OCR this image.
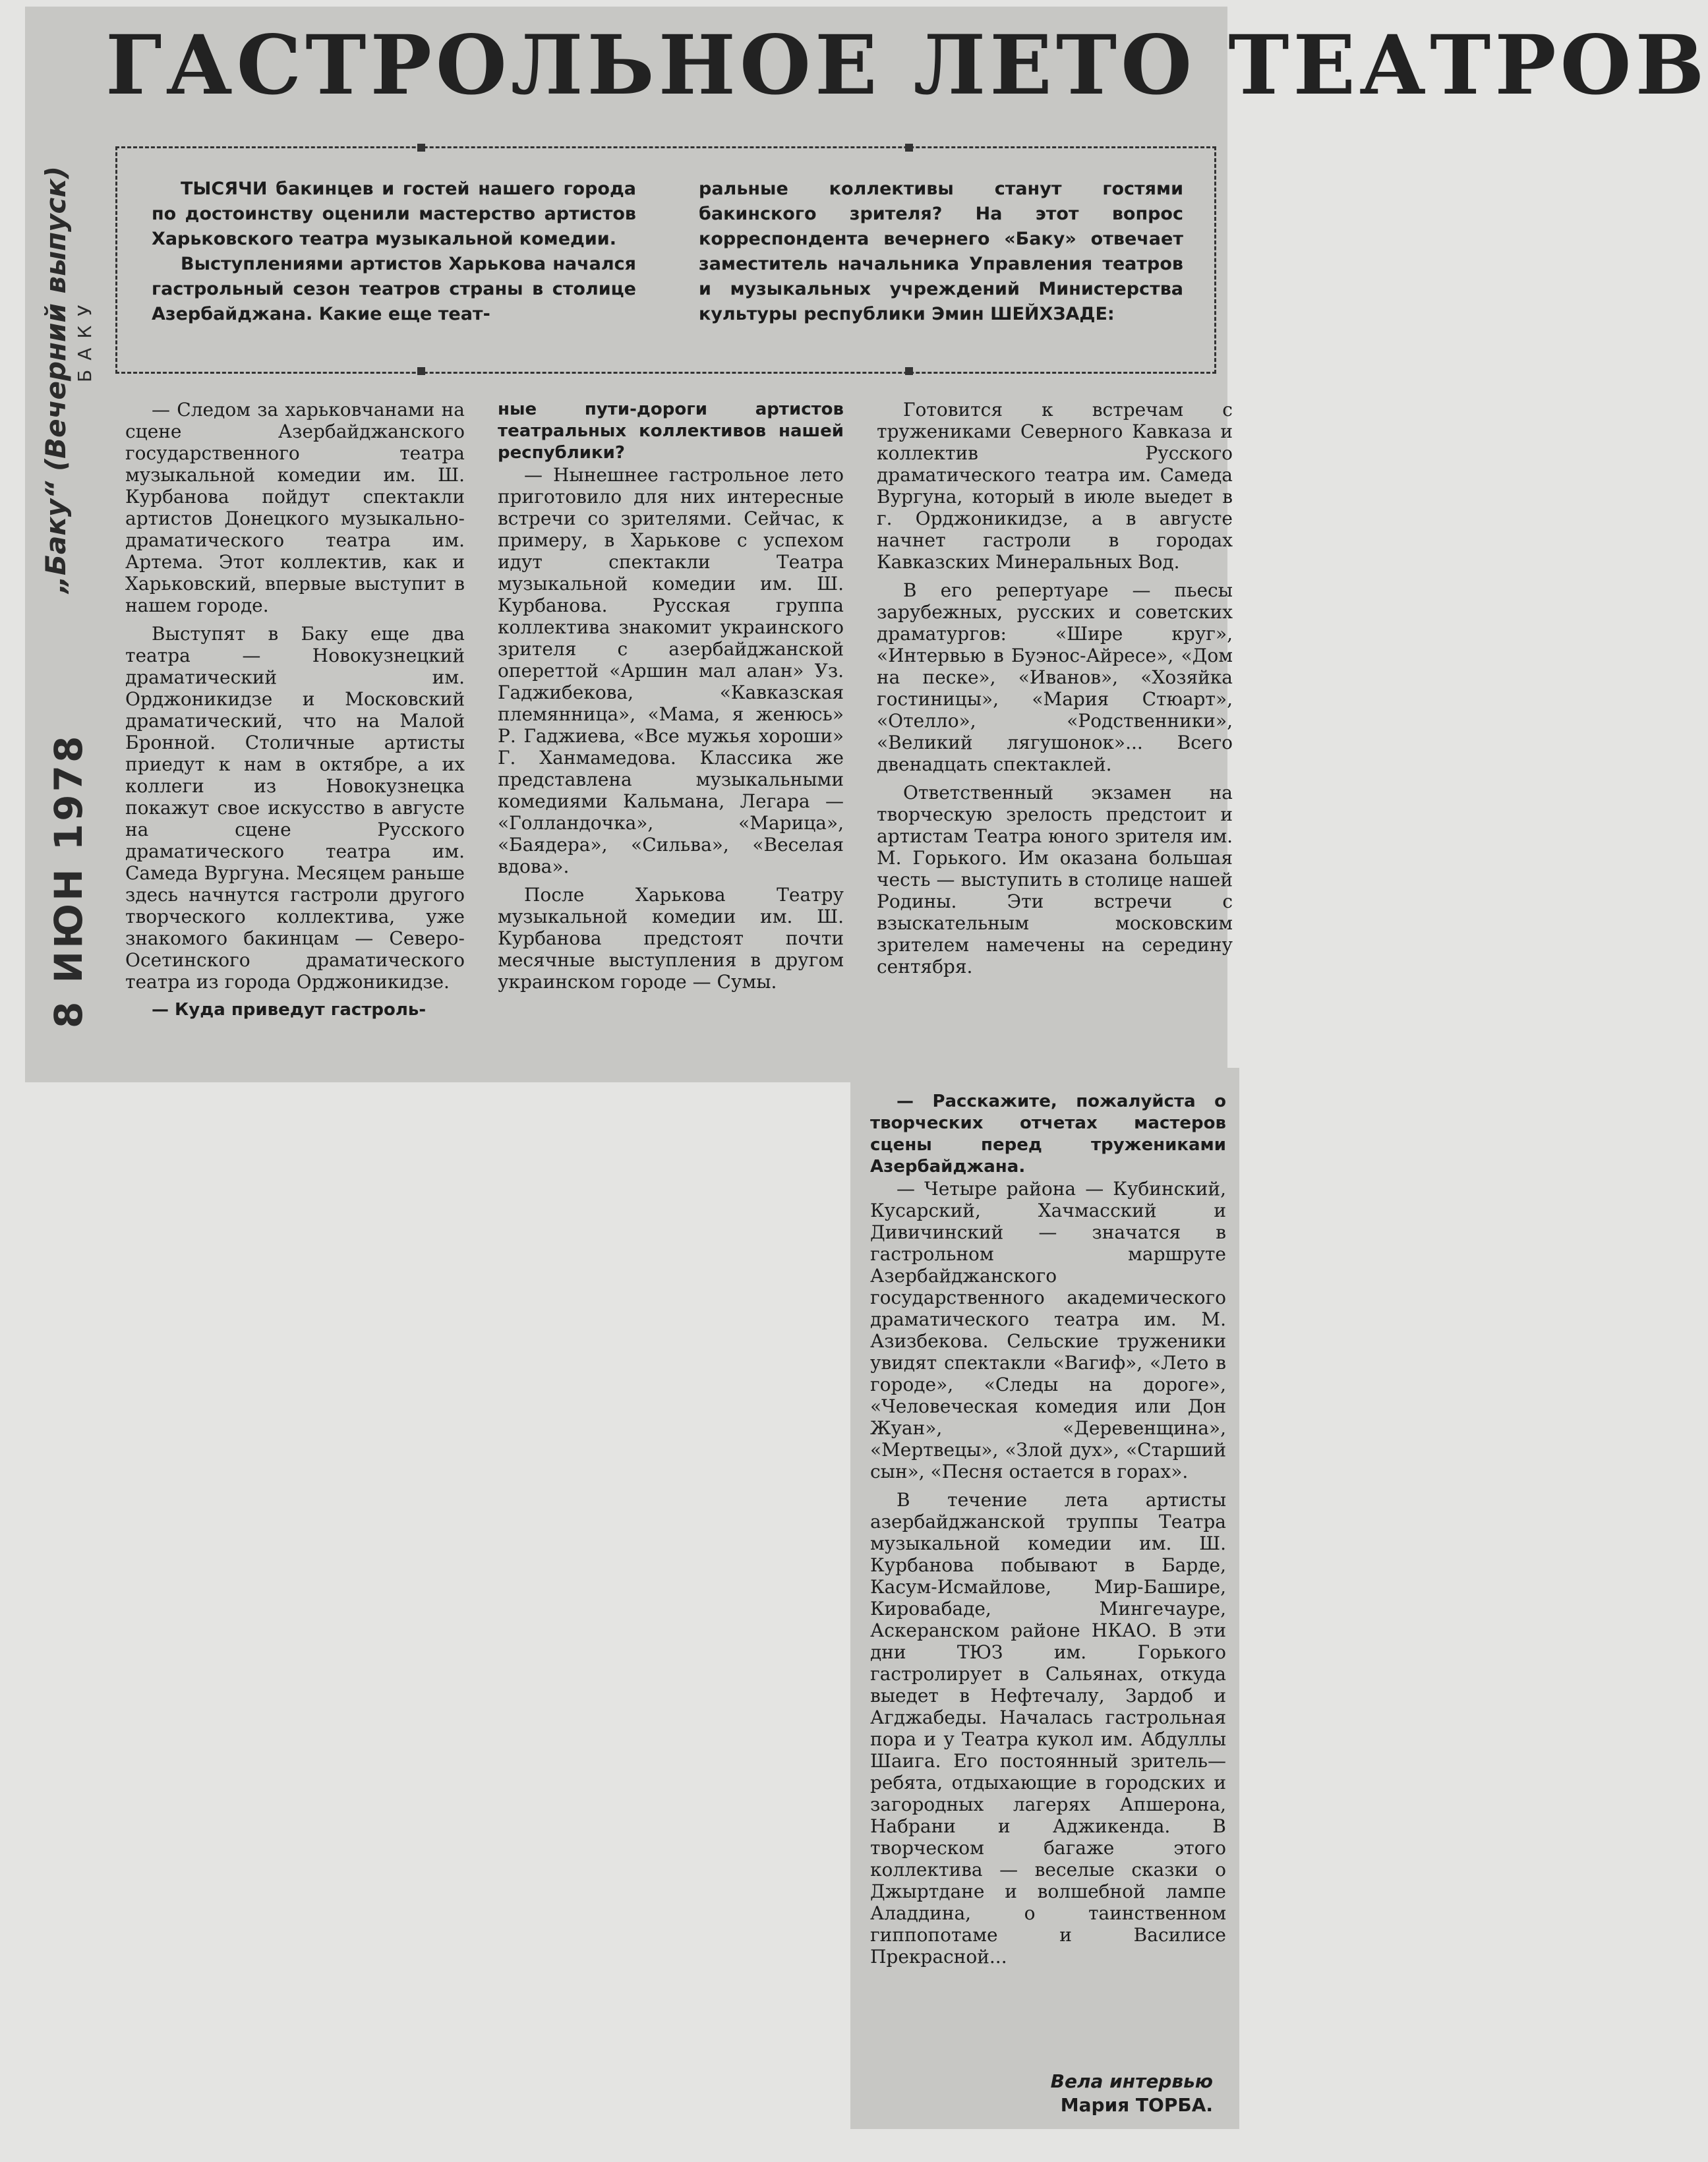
„Баку“ (Вечерний выпуск) БАКУ
8 ИЮН 1978
ГАСТРОЛЬНОЕ ЛЕТО ТЕАТРОВ

ТЫСЯЧИ бакинцев и гостей нашего города по достоинству оценили мастерство артистов Харьковского театра музыкальной комедии.

Выступлениями артистов Харькова начался гастрольный сезон театров страны в столице Азербайджана. Какие еще теат-

ральные коллективы станут гостями бакинского зрителя? На этот вопрос корреспондента вечернего «Баку» отвечает заместитель начальника Управления театров и музыкальных учреждений Министерства культуры республики Эмин ШЕЙХЗАДЕ:

— Следом за харьковчанами на сцене Азербайджанского государственного театра музыкальной комедии им. Ш. Курбанова пойдут спектакли артистов Донецкого музыкально-драматического театра им. Артема. Этот коллектив, как и Харьковский, впервые выступит в нашем городе.

Выступят в Баку еще два театра — Новокузнецкий драматический им. Орджоникидзе и Московский драматический, что на Малой Бронной. Столичные артисты приедут к нам в октябре, а их коллеги из Новокузнецка покажут свое искусство в августе на сцене Русского драматического театра им. Самеда Вургуна. Месяцем раньше здесь начнутся гастроли другого творческого коллектива, уже знакомого бакинцам — Северо-Осетинского драматического театра из города Орджоникидзе.

— Куда приведут гастроль-

ные пути-дороги артистов театральных коллективов нашей республики?

— Нынешнее гастрольное лето приготовило для них интересные встречи со зрителями. Сейчас, к примеру, в Харькове с успехом идут спектакли Театра музыкальной комедии им. Ш. Курбанова. Русская группа коллектива знакомит украинского зрителя с азербайджанской опереттой «Аршин мал алан» Уз. Гаджибекова, «Кавказская племянница», «Мама, я женюсь» Р. Гаджиева, «Все мужья хороши» Г. Ханмамедова. Классика же представлена музыкальными комедиями Кальмана, Легара — «Голландочка», «Марица», «Баядера», «Сильва», «Веселая вдова».

После Харькова Театру музыкальной комедии им. Ш. Курбанова предстоят почти месячные выступления в другом украинском городе — Сумы.

Готовится к встречам с тружениками Северного Кавказа и коллектив Русского драматического театра им. Самеда Вургуна, который в июле выедет в г. Орджоникидзе, а в августе начнет гастроли в городах Кавказских Минеральных Вод.

В его репертуаре — пьесы зарубежных, русских и советских драматургов: «Шире круг», «Интервью в Буэнос-Айресе», «Дом на песке», «Иванов», «Хозяйка гостиницы», «Мария Стюарт», «Отелло», «Родственники», «Великий лягушонок»... Всего двенадцать спектаклей.

Ответственный экзамен на творческую зрелость предстоит и артистам Театра юного зрителя им. М. Горького. Им оказана большая честь — выступить в столице нашей Родины. Эти встречи с взыскательным московским зрителем намечены на середину сентября.

— Расскажите, пожалуйста о творческих отчетах мастеров сцены перед тружениками Азербайджана.

— Четыре района — Кубинский, Кусарский, Хачмасский и Дивичинский — значатся в гастрольном маршруте Азербайджанского государственного академического драматического театра им. М. Азизбекова. Сельские труженики увидят спектакли «Вагиф», «Лето в городе», «Следы на дороге», «Человеческая комедия или Дон Жуан», «Деревенщина», «Мертвецы», «Злой дух», «Старший сын», «Песня остается в горах».

В течение лета артисты азербайджанской труппы Театра музыкальной комедии им. Ш. Курбанова побывают в Барде, Касум-Исмайлове, Мир-Башире, Кировабаде, Мингечауре, Аскеранском районе НКАО. В эти дни ТЮЗ им. Горького гастролирует в Сальянах, откуда выедет в Нефтечалу, Зардоб и Агджабеды. Началась гастрольная пора и у Театра кукол им. Абдуллы Шаига. Его постоянный зритель—ребята, отдыхающие в городских и загородных лагерях Апшерона, Набрани и Аджикенда. В творческом багаже этого коллектива — веселые сказки о Джыртдане и волшебной лампе Аладдина, о таинственном гиппопотаме и Василисе Прекрасной...

Вела интервью
Мария ТОРБА.
